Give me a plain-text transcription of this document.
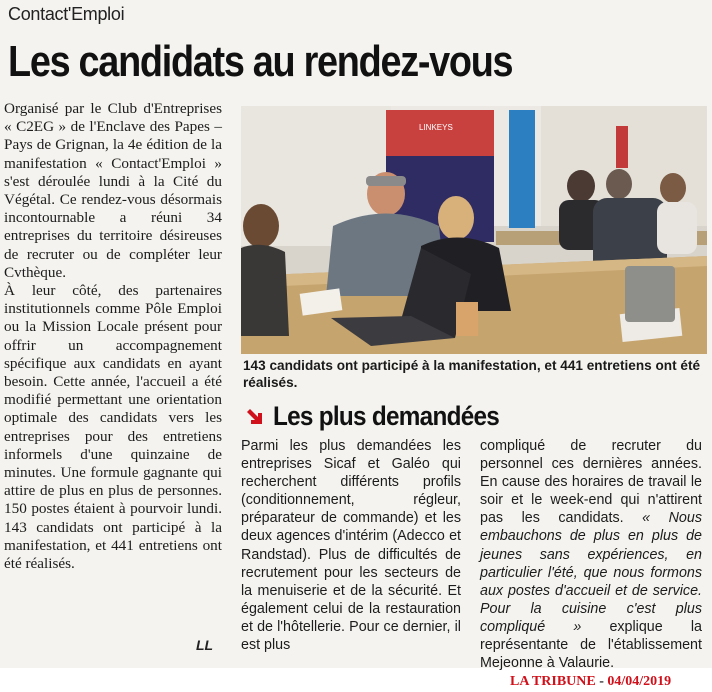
Contact'Emploi
Les candidats au rendez-vous

Organisé par le Club d'Entreprises « C2EG » de l'Enclave des Papes – Pays de Grignan, la 4e édition de la manifestation « Contact'Emploi » s'est déroulée lundi à la Cité du Végétal. Ce rendez-vous désormais incontournable a réuni 34 entreprises du territoire désireuses de recruter ou de compléter leur Cvthèque.

À leur côté, des partenaires institutionnels comme Pôle Emploi ou la Mission Locale présent pour offrir un accompagnement spécifique aux candidats en ayant besoin. Cette année, l'accueil a été modifié permettant une orientation optimale des candidats vers les entreprises pour des entretiens informels d'une quinzaine de minutes. Une formule gagnante qui attire de plus en plus de personnes. 150 postes étaient à pourvoir lundi. 143 candidats ont participé à la manifestation, et 441 entretiens ont été réalisés.

LL
LINKEYS
143 candidats ont participé à la manifestation, et 441 entretiens ont été réalisés.
Les plus demandées

Parmi les plus demandées les entreprises Sicaf et Galéo qui recherchent différents profils (conditionnement, régleur, préparateur de commande) et les deux agences d'intérim (Adecco et Randstad). Plus de difficultés de recrutement pour les secteurs de la menuiserie et de la sécurité. Et également celui de la restauration et de l'hôtellerie. Pour ce dernier, il est plus

compliqué de recruter du personnel ces dernières années. En cause des horaires de travail le soir et le week-end qui n'attirent pas les candidats. « Nous embauchons de plus en plus de jeunes sans expériences, en particulier l'été, que nous formons aux postes d'accueil et de service. Pour la cuisine c'est plus compliqué » explique la représentante de l'établissement Mejeonne à Valaurie.

LA TRIBUNE - 04/04/2019
